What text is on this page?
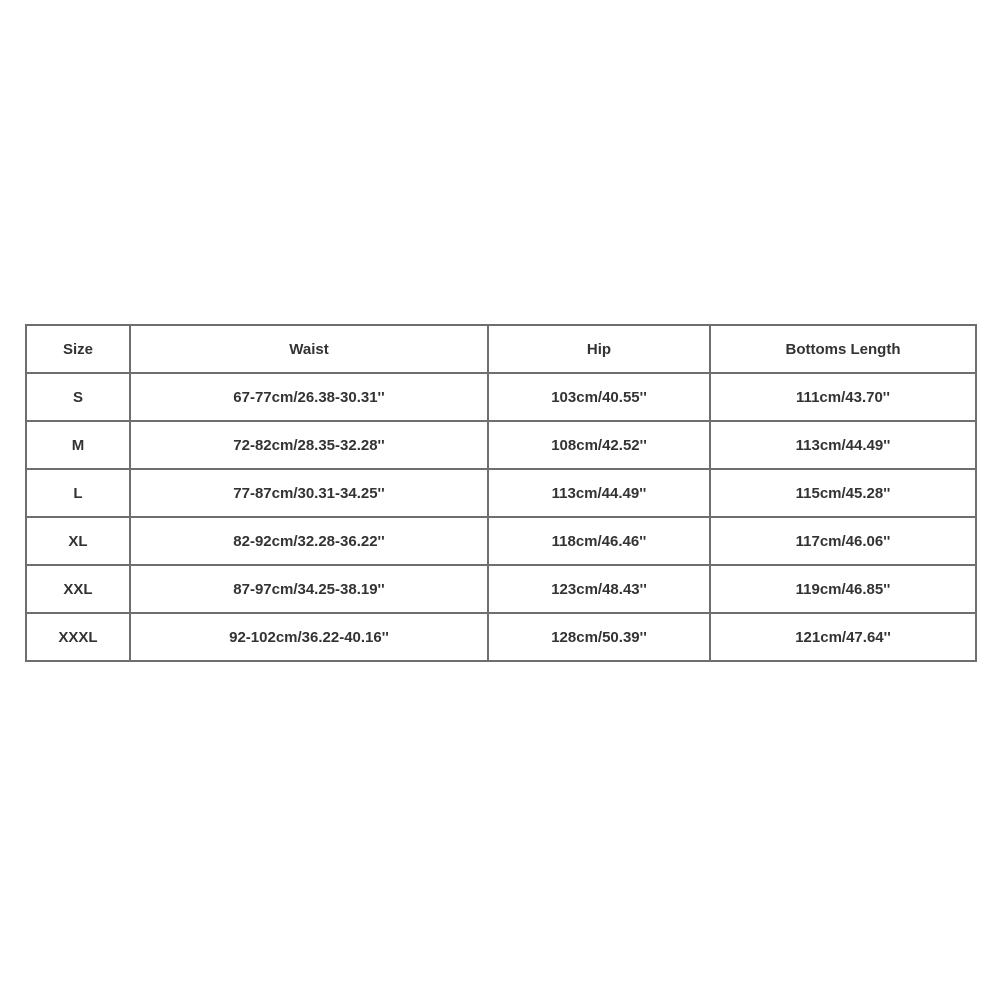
Size	Waist	Hip	Bottoms Length
S	67-77cm/26.38-30.31''	103cm/40.55''	111cm/43.70''
M	72-82cm/28.35-32.28''	108cm/42.52''	113cm/44.49''
L	77-87cm/30.31-34.25''	113cm/44.49''	115cm/45.28''
XL	82-92cm/32.28-36.22''	118cm/46.46''	117cm/46.06''
XXL	87-97cm/34.25-38.19''	123cm/48.43''	119cm/46.85''
XXXL	92-102cm/36.22-40.16''	128cm/50.39''	121cm/47.64''
